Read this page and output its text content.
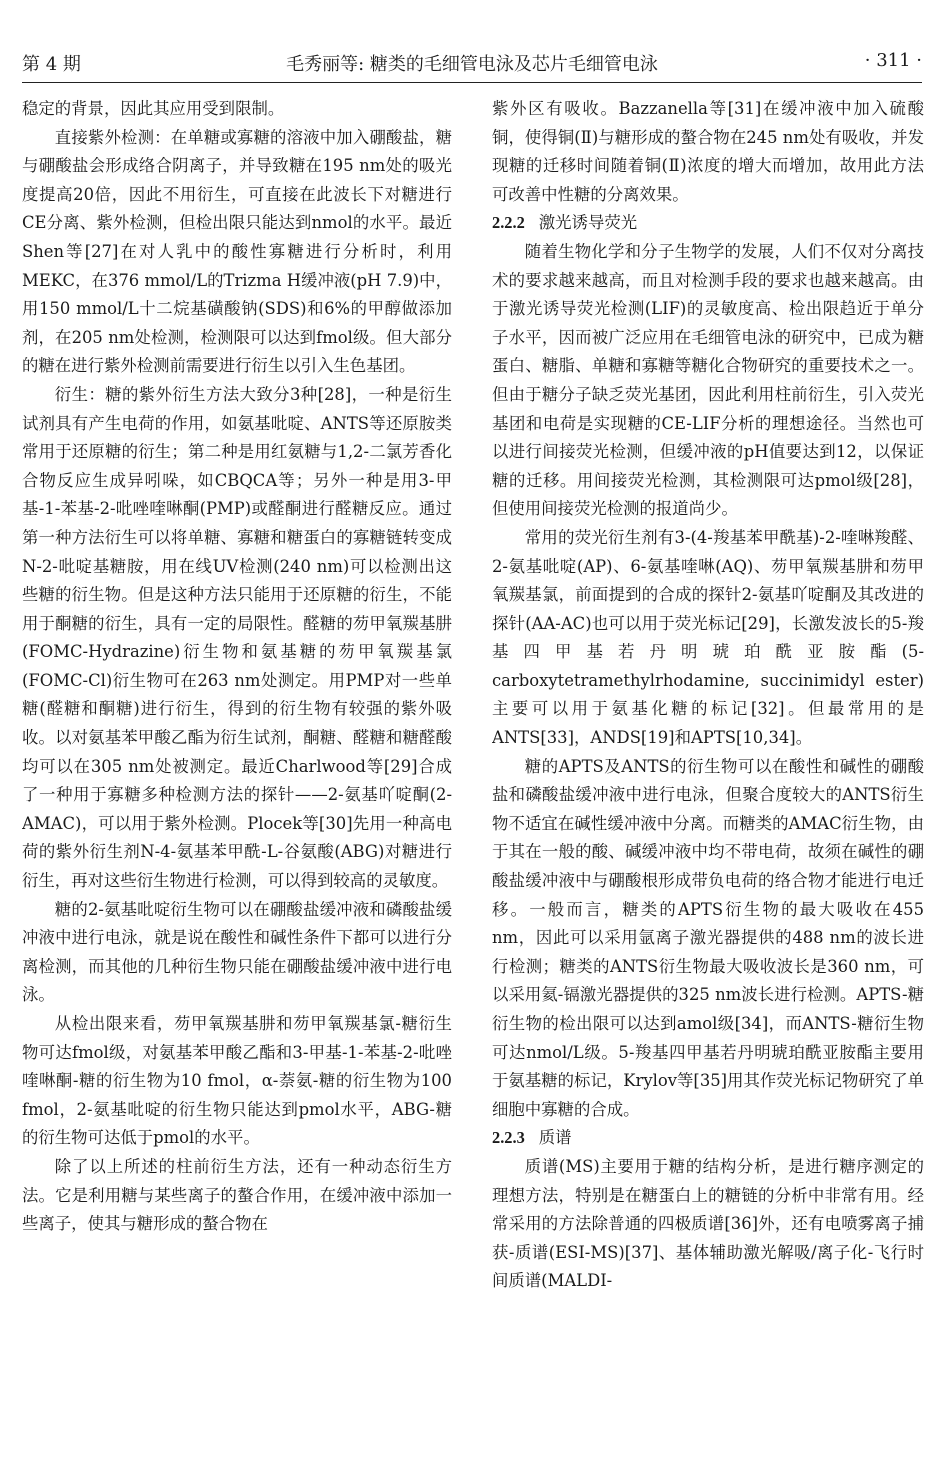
第 4 期	毛秀丽等: 糖类的毛细管电泳及芯片毛细管电泳	· 311 ·

稳定的背景，因此其应用受到限制。

直接紫外检测：在单糖或寡糖的溶液中加入硼酸盐，糖与硼酸盐会形成络合阴离子，并导致糖在195 nm处的吸光度提高20倍，因此不用衍生，可直接在此波长下对糖进行CE分离、紫外检测，但检出限只能达到nmol的水平。最近Shen等[27]在对人乳中的酸性寡糖进行分析时，利用MEKC，在376 mmol/L的Trizma H缓冲液(pH 7.9)中，用150 mmol/L十二烷基磺酸钠(SDS)和6%的甲醇做添加剂，在205 nm处检测，检测限可以达到fmol级。但大部分的糖在进行紫外检测前需要进行衍生以引入生色基团。

衍生：糖的紫外衍生方法大致分3种[28]，一种是衍生试剂具有产生电荷的作用，如氨基吡啶、ANTS等还原胺类常用于还原糖的衍生；第二种是用红氨糖与1,2-二氯芳香化合物反应生成异吲哚，如CBQCA等；另外一种是用3-甲基-1-苯基-2-吡唑喹啉酮(PMP)或醛酮进行醛糖反应。通过第一种方法衍生可以将单糖、寡糖和糖蛋白的寡糖链转变成N-2-吡啶基糖胺，用在线UV检测(240 nm)可以检测出这些糖的衍生物。但是这种方法只能用于还原糖的衍生，不能用于酮糖的衍生，具有一定的局限性。醛糖的芴甲氧羰基肼(FOMC-Hydrazine)衍生物和氨基糖的芴甲氧羰基氯(FOMC-Cl)衍生物可在263 nm处测定。用PMP对一些单糖(醛糖和酮糖)进行衍生，得到的衍生物有较强的紫外吸收。以对氨基苯甲酸乙酯为衍生试剂，酮糖、醛糖和糖醛酸均可以在305 nm处被测定。最近Charlwood等[29]合成了一种用于寡糖多种检测方法的探针——2-氨基吖啶酮(2-AMAC)，可以用于紫外检测。Plocek等[30]先用一种高电荷的紫外衍生剂N-4-氨基苯甲酰-L-谷氨酸(ABG)对糖进行衍生，再对这些衍生物进行检测，可以得到较高的灵敏度。

糖的2-氨基吡啶衍生物可以在硼酸盐缓冲液和磷酸盐缓冲液中进行电泳，就是说在酸性和碱性条件下都可以进行分离检测，而其他的几种衍生物只能在硼酸盐缓冲液中进行电泳。

从检出限来看，芴甲氧羰基肼和芴甲氧羰基氯-糖衍生物可达fmol级，对氨基苯甲酸乙酯和3-甲基-1-苯基-2-吡唑喹啉酮-糖的衍生物为10 fmol，α-萘氨-糖的衍生物为100 fmol，2-氨基吡啶的衍生物只能达到pmol水平，ABG-糖的衍生物可达低于pmol的水平。

除了以上所述的柱前衍生方法，还有一种动态衍生方法。它是利用糖与某些离子的螯合作用，在缓冲液中添加一些离子，使其与糖形成的螯合物在

紫外区有吸收。Bazzanella等[31]在缓冲液中加入硫酸铜，使得铜(Ⅱ)与糖形成的螯合物在245 nm处有吸收，并发现糖的迁移时间随着铜(Ⅱ)浓度的增大而增加，故用此方法可改善中性糖的分离效果。

2.2.2 激光诱导荧光

随着生物化学和分子生物学的发展，人们不仅对分离技术的要求越来越高，而且对检测手段的要求也越来越高。由于激光诱导荧光检测(LIF)的灵敏度高、检出限趋近于单分子水平，因而被广泛应用在毛细管电泳的研究中，已成为糖蛋白、糖脂、单糖和寡糖等糖化合物研究的重要技术之一。但由于糖分子缺乏荧光基团，因此利用柱前衍生，引入荧光基团和电荷是实现糖的CE-LIF分析的理想途径。当然也可以进行间接荧光检测，但缓冲液的pH值要达到12，以保证糖的迁移。用间接荧光检测，其检测限可达pmol级[28]，但使用间接荧光检测的报道尚少。

常用的荧光衍生剂有3-(4-羧基苯甲酰基)-2-喹啉羧醛、2-氨基吡啶(AP)、6-氨基喹啉(AQ)、芴甲氧羰基肼和芴甲氧羰基氯，前面提到的合成的探针2-氨基吖啶酮及其改进的探针(AA-AC)也可以用于荧光标记[29]，长激发波长的5-羧基四甲基若丹明琥珀酰亚胺酯(5-carboxytetramethylrhodamine, succinimidyl ester)主要可以用于氨基化糖的标记[32]。但最常用的是ANTS[33]，ANDS[19]和APTS[10,34]。

糖的APTS及ANTS的衍生物可以在酸性和碱性的硼酸盐和磷酸盐缓冲液中进行电泳，但聚合度较大的ANTS衍生物不适宜在碱性缓冲液中分离。而糖类的AMAC衍生物，由于其在一般的酸、碱缓冲液中均不带电荷，故须在碱性的硼酸盐缓冲液中与硼酸根形成带负电荷的络合物才能进行电迁移。一般而言，糖类的APTS衍生物的最大吸收在455 nm，因此可以采用氩离子激光器提供的488 nm的波长进行检测；糖类的ANTS衍生物最大吸收波长是360 nm，可以采用氦-镉激光器提供的325 nm波长进行检测。APTS-糖衍生物的检出限可以达到amol级[34]，而ANTS-糖衍生物可达nmol/L级。5-羧基四甲基若丹明琥珀酰亚胺酯主要用于氨基糖的标记，Krylov等[35]用其作荧光标记物研究了单细胞中寡糖的合成。

2.2.3 质谱

质谱(MS)主要用于糖的结构分析，是进行糖序测定的理想方法，特别是在糖蛋白上的糖链的分析中非常有用。经常采用的方法除普通的四极质谱[36]外，还有电喷雾离子捕获-质谱(ESI-MS)[37]、基体辅助激光解吸/离子化-飞行时间质谱(MALDI-
